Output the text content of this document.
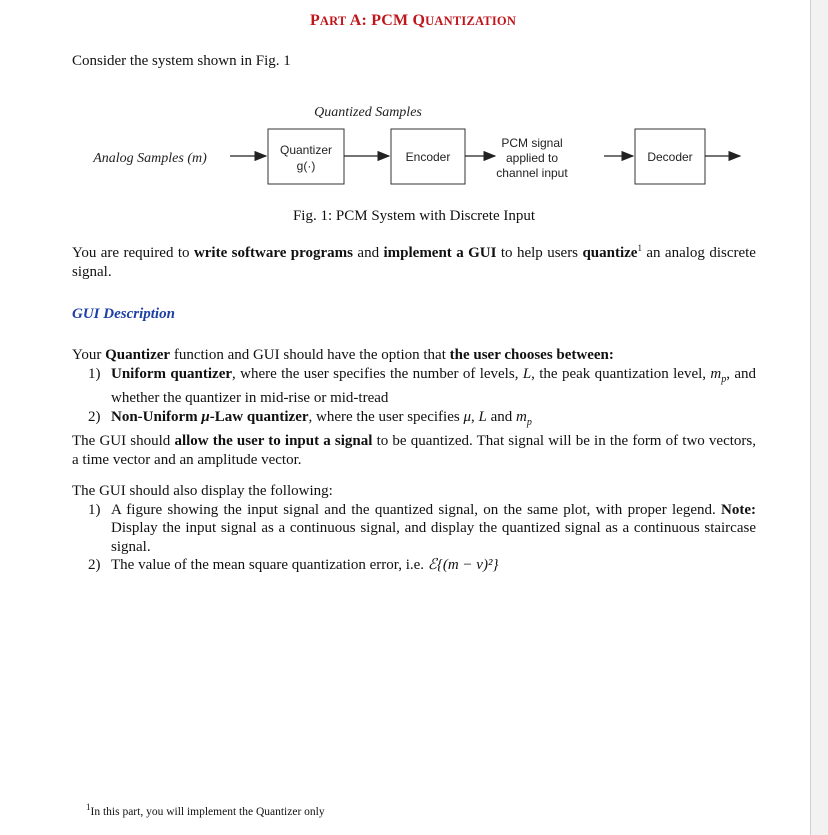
PART A: PCM QUANTIZATION
Consider the system shown in Fig. 1
Quantized Samples
Analog Samples (m)
Quantizer
g(·)
Encoder
PCM signal
applied to
channel input
Decoder
Fig. 1: PCM System with Discrete Input
You are required to write software programs and implement a GUI to help users quantize$^1$ an analog discrete signal.
GUI Description
Your Quantizer function and GUI should have the option that the user chooses between:
1) Uniform quantizer, where the user specifies the number of levels, L, the peak quantization level, $m_p$, and whether the quantizer in mid-rise or mid-tread
2) Non-Uniform μ-Law quantizer, where the user specifies μ, L and $m_p$
The GUI should allow the user to input a signal to be quantized. That signal will be in the form of two vectors, a time vector and an amplitude vector.
The GUI should also display the following:
1) A figure showing the input signal and the quantized signal, on the same plot, with proper legend. Note: Display the input signal as a continuous signal, and display the quantized signal as a continuous staircase signal.
2) The value of the mean square quantization error, i.e. ℰ{(m − ν)²}
$^1$In this part, you will implement the Quantizer only
